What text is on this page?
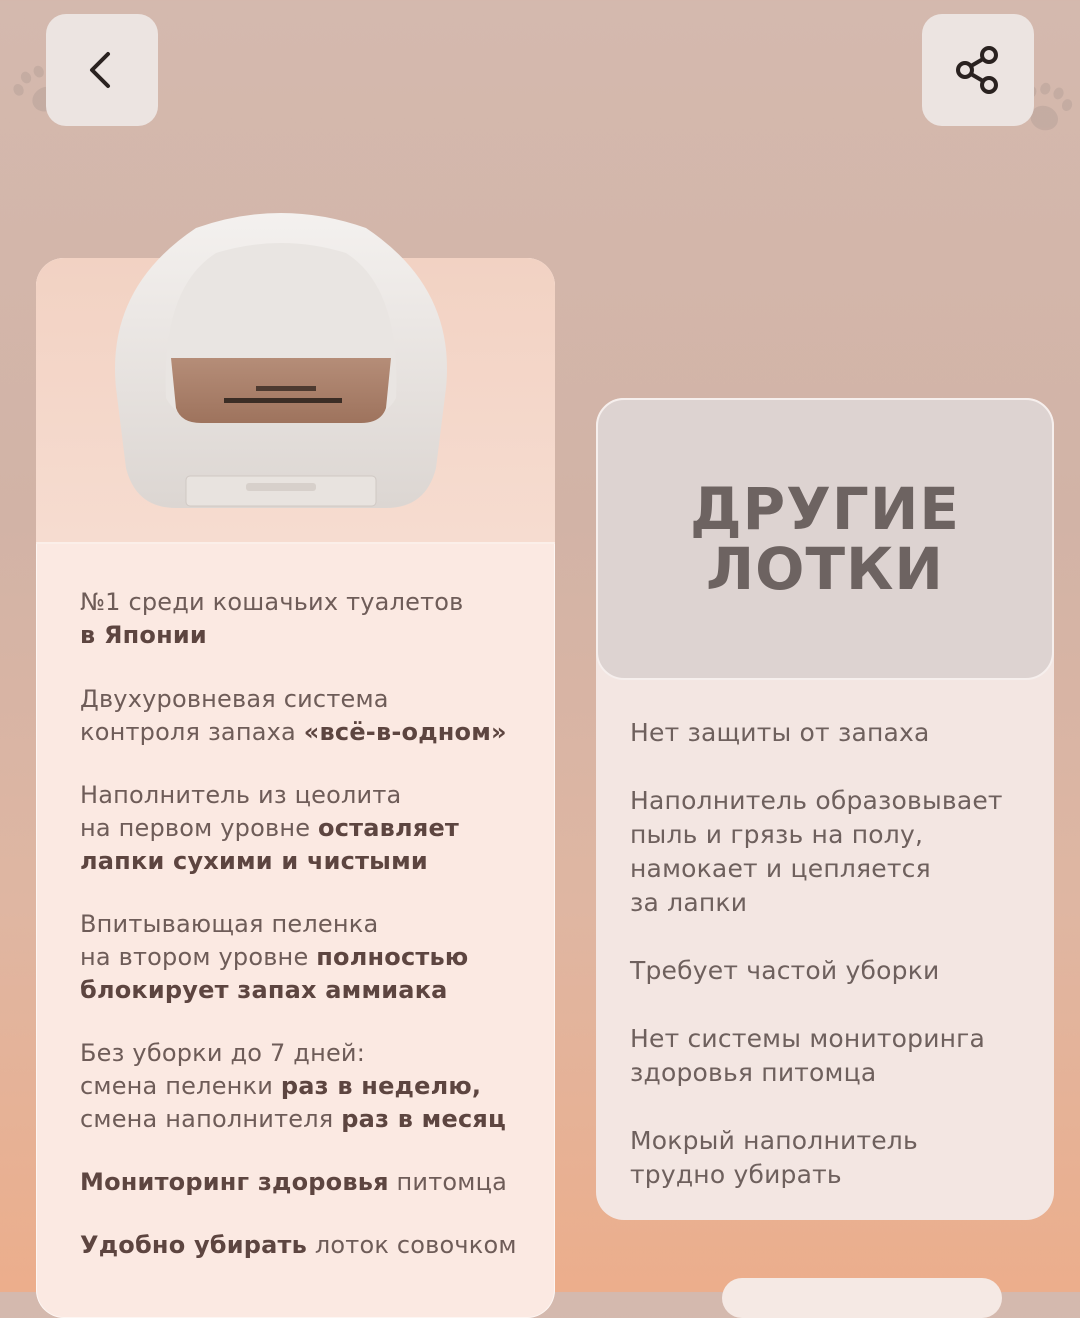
№1 среди кошачьих туалетов
в Японии

Двухуровневая система
контроля запаха «всё-в-одном»

Наполнитель из цеолита
на первом уровне оставляет
лапки сухими и чистыми

Впитывающая пеленка
на втором уровне полностью
блокирует запах аммиака

Без уборки до 7 дней:
смена пеленки раз в неделю,
смена наполнителя раз в месяц

Мониторинг здоровья питомца

Удобно убирать лоток совочком

ДРУГИЕ
ЛОТКИ

Нет защиты от запаха

Наполнитель образовывает
пыль и грязь на полу,
намокает и цепляется
за лапки

Требует частой уборки

Нет системы мониторинга
здоровья питомца

Мокрый наполнитель
трудно убирать
